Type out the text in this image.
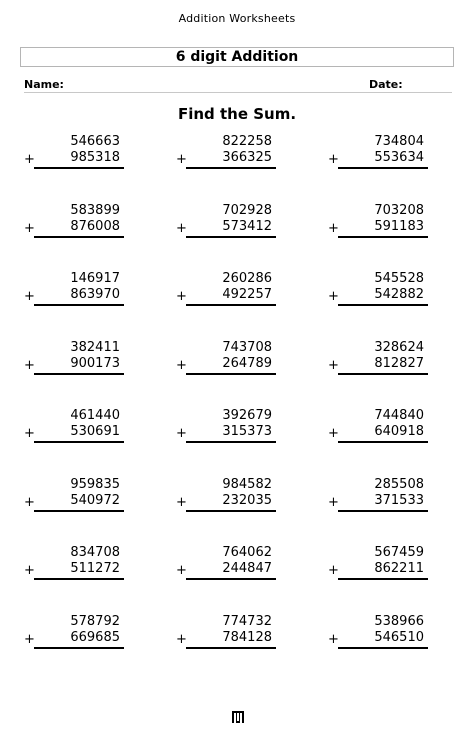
Addition Worksheets
6 digit Addition
Name:	Date:
Find the Sum.
546663
+	985318
822258
+	366325
734804
+	553634
583899
+	876008
702928
+	573412
703208
+	591183
146917
+	863970
260286
+	492257
545528
+	542882
382411
+	900173
743708
+	264789
328624
+	812827
461440
+	530691
392679
+	315373
744840
+	640918
959835
+	540972
984582
+	232035
285508
+	371533
834708
+	511272
764062
+	244847
567459
+	862211
578792
+	669685
774732
+	784128
538966
+	546510
